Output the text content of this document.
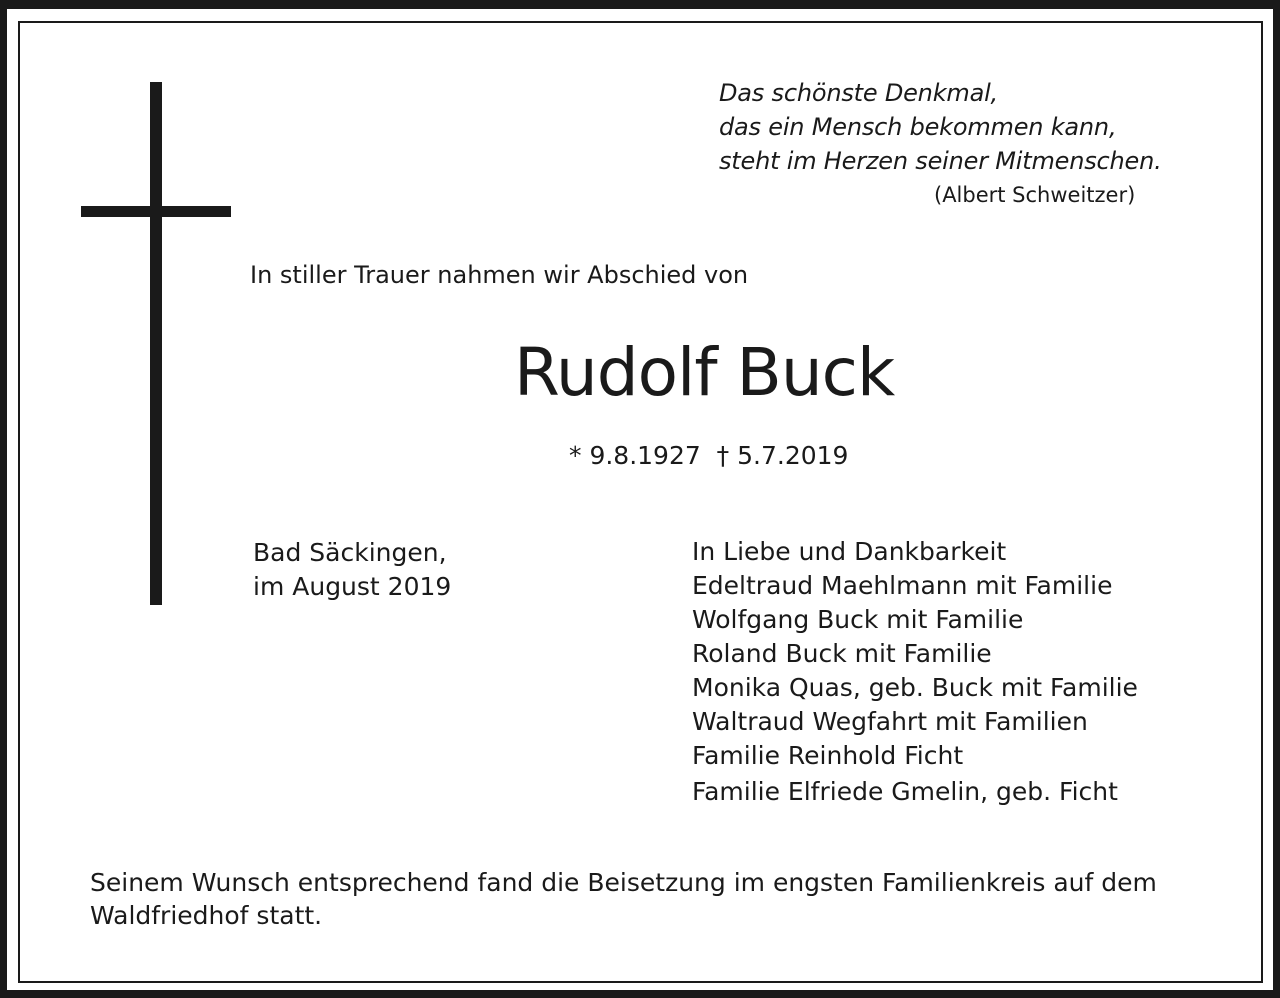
Das schönste Denkmal,
das ein Mensch bekommen kann,
steht im Herzen seiner Mitmenschen.
(Albert Schweitzer)
In stiller Trauer nahmen wir Abschied von
Rudolf Buck
* 9.8.1927  † 5.7.2019
Bad Säckingen,
im August 2019
In Liebe und Dankbarkeit
Edeltraud Maehlmann mit Familie
Wolfgang Buck mit Familie
Roland Buck mit Familie
Monika Quas, geb. Buck mit Familie
Waltraud Wegfahrt mit Familien
Familie Reinhold Ficht
Familie Elfriede Gmelin, geb. Ficht
Seinem Wunsch entsprechend fand die Beisetzung im engsten Familienkreis auf dem Waldfriedhof statt.
